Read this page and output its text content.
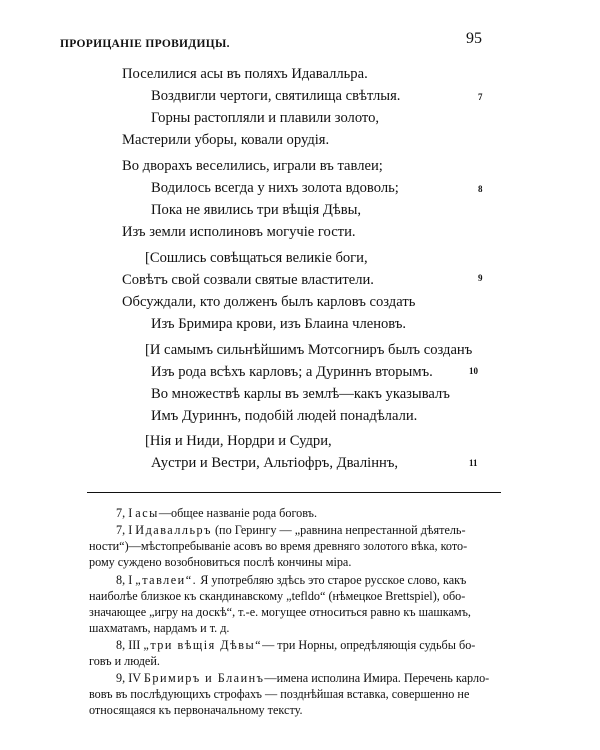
ПРОРИЦАНІЕ ПРОВИДИЦЫ.	95
Поселилися асы въ поляхъ Идавалльра.
Воздвигли чертоги, святилища свѣтлыя.
Горны растопляли и плавили золото,
Мастерили уборы, ковали орудія.
7
Во дворахъ веселились, играли въ тавлеи;
Водилось всегда у нихъ золота вдоволь;
Пока не явились три вѣщія Дѣвы,
Изъ земли исполиновъ могучіе гости.
8
[Сошлись совѣщаться великіе боги,
Совѣтъ свой созвали святые властители.
Обсуждали, кто долженъ былъ карловъ создать
Изъ Бримира крови, изъ Блаина членовъ.
9
[И самымъ сильнѣйшимъ Мотсогниръ былъ созданъ
Изъ рода всѣхъ карловъ; а Дуриннъ вторымъ.
Во множествѣ карлы въ землѣ—какъ указывалъ
Имъ Дуриннъ, подобій людей понадѣлали.
10
[Нія и Ниди, Нордри и Судри,
Аустри и Вестри, Альтіофръ, Дваліннъ,	11
7, I асы—общее названіе рода боговъ.
7, I Идавалльръ (по Герингу — „равнина непрестанной дѣятель-
ности“)—мѣстопребываніе асовъ во время древняго золотого вѣка, кото-
рому суждено возобновиться послѣ кончины міра.
8, I „тавлеи“. Я употребляю здѣсь это старое русское слово, какъ
наиболѣе близкое къ скандинавскому „tefldo“ (нѣмецкое Brettspiel), обо-
значающее „игру на доскѣ“, т.-е. могущее относиться равно къ шашкамъ,
шахматамъ, нардамъ и т. д.
8, III „три вѣщія Дѣвы“— три Норны, опредѣляющія судьбы бо-
говъ и людей.
9, IV Бримиръ и Блаинъ—имена исполина Имира. Перечень карло-
вовъ въ послѣдующихъ строфахъ — позднѣйшая вставка, совершенно не
относящаяся къ первоначальному тексту.
